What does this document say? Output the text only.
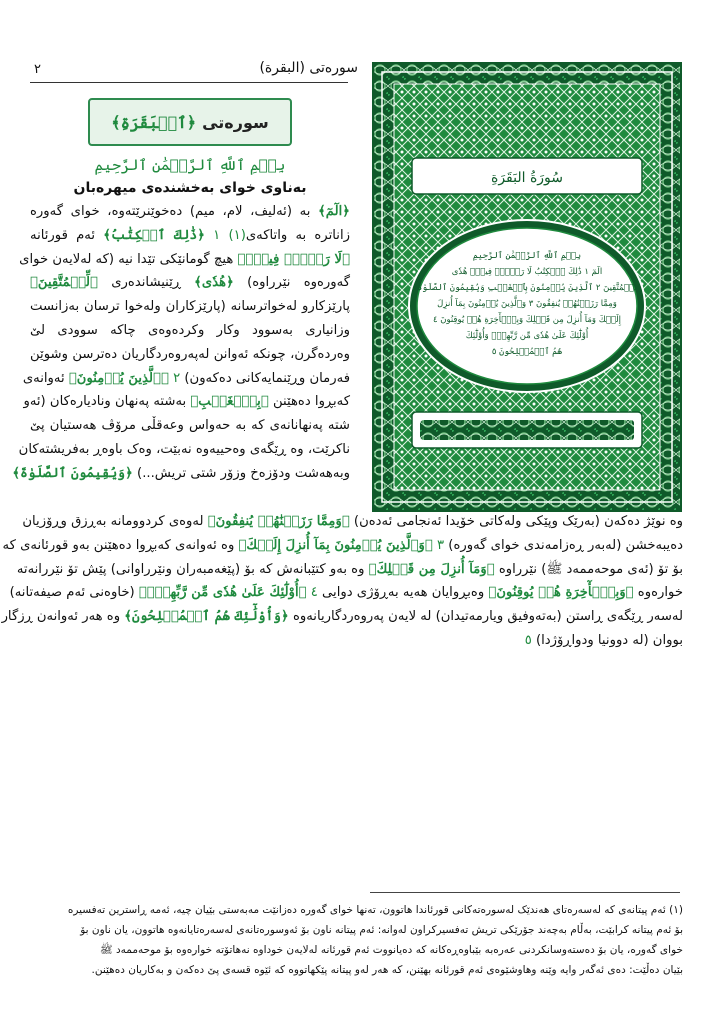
سورەتی (البقرة)
٢
سُورَةُ البَقَرَةِ
بِسۡمِ ٱللَّهِ ٱلرَّحۡمَٰنِ ٱلرَّحِيمِ
الٓمٓ ١ ذَٰلِكَ ٱلۡكِتَٰبُ لَا رَيۡبَۛ فِيهِۛ هُدٗى
لِّلۡمُتَّقِينَ ٢ ٱلَّذِينَ يُؤۡمِنُونَ بِٱلۡغَيۡبِ وَيُقِيمُونَ ٱلصَّلَوٰةَ
وَمِمَّا رَزَقۡنَٰهُمۡ يُنفِقُونَ ٣ وَٱلَّذِينَ يُؤۡمِنُونَ بِمَآ أُنزِلَ
إِلَيۡكَ وَمَآ أُنزِلَ مِن قَبۡلِكَ وَبِٱلۡأٓخِرَةِ هُمۡ يُوقِنُونَ ٤
أُوْلَٰٓئِكَ عَلَىٰ هُدٗى مِّن رَّبِّهِمۡۖ وَأُوْلَٰٓئِكَ
هُمُ ٱلۡمُفۡلِحُونَ ٥
سورەتی
﴿ٱلۡبَقَرَةِ﴾
بِسۡمِ ٱللَّهِ ٱلرَّحۡمَٰنِ ٱلرَّحِيمِ
بەناوی خوای بەخشندەی میهرەبان
﴿الٓمٓ﴾ بە (ئەلیف، لام، میم) دەخوێنرێتەوە، خوای گەورە
زاناترە بە واتاکەی(١) ١ ﴿ذَٰلِكَ ٱلۡكِتَٰبُ﴾ ئەم قورئانە
﴿لَا رَيۡبَۛ فِيهِۛ﴾ هیچ گومانێکی تێدا نیە (کە لەلایەن خوای
گەورەوە نێرراوە) ﴿هُدٗى﴾ ڕێنیشاندەری ﴿لِّلۡمُتَّقِينَ﴾
پارێزکارو لەخواترسانە (پارێزکاران ولەخوا ترسان بەزانست
وزانیاری بەسوود وکار وکردەوەی چاکە سوودی لێ
وەردەگرن، چونکە ئەوانن لەپەروەردگاریان دەترسن وشوێن
فەرمان وڕێنمایەکانی دەکەون) ٢ ﴿ٱلَّذِينَ يُؤۡمِنُونَ﴾ ئەوانەی
کەبڕوا دەهێنن ﴿بِٱلۡغَيۡبِ﴾ بەشتە پەنهان ونادیارەکان (ئەو
شتە پەنهانانەی کە بە حەواس وعەقڵی مرۆڤ هەستیان پێ
ناکرێت، وە ڕێگەی وەحییەوە نەبێت، وەک باوەڕ بەفریشتەکان
وبەهەشت ودۆزەخ وزۆر شتی تریش...) ﴿وَيُقِيمُونَ ٱلصَّلَوٰةَ﴾
وە نوێژ دەکەن (بەرێک وپێکی ولەکاتی خۆیدا ئەنجامی ئەدەن) ﴿وَمِمَّا رَزَقۡنَٰهُمۡ يُنفِقُونَ﴾ لەوەی کردوومانە بەڕزق وڕۆزیان
دەیبەخشن (لەبەر ڕەزامەندی خوای گەورە) ٣ ﴿وَٱلَّذِينَ يُؤۡمِنُونَ بِمَآ أُنزِلَ إِلَيۡكَ﴾ وە ئەوانەی کەبڕوا دەهێنن بەو قورئانەی کە
بۆ تۆ (ئەی موحەممەد ﷺ) نێرراوە ﴿وَمَآ أُنزِلَ مِن قَبۡلِكَ﴾ وە بەو کتێبانەش کە بۆ (پێغەمبەران ونێرراوانی) پێش تۆ نێررانەتە
خوارەوە ﴿وَبِٱلۡأٓخِرَةِ هُمۡ يُوقِنُونَ﴾ وەبڕوایان هەیە بەڕۆژی دوایی ٤ ﴿أُوْلَٰٓئِكَ عَلَىٰ هُدٗى مِّن رَّبِّهِمۡۖ﴾ (خاوەنی ئەم صیفەتانە)
لەسەر ڕێگەی ڕاستن (بەتەوفیق ویارمەتیدان) لە لایەن پەروەردگاریانەوە ﴿وَأُوْلَٰٓئِكَ هُمُ ٱلۡمُفۡلِحُونَ﴾ وە هەر ئەوانەن ڕزگار
بووان (لە دوونیا ودواڕۆژدا) ٥
(١) ئەم پیتانەی کە لەسەرەتای هەندێک لەسورەتەکانی قورئاندا هاتوون، تەنها خوای گەورە دەزانێت مەبەستی بێیان چیە، ئەمە ڕاسترین تەفسیرە
بۆ ئەم پیتانە کرابێت، بەڵام بەچەند جۆرێکی تریش تەفسیرکراون لەوانە: ئەم پیتانە ناون بۆ ئەوسورەتانەی لەسەرەتایانەوە هاتوون، یان ناون بۆ
خوای گەورە، یان بۆ دەستەوسانکردنی عەرەبە بێباوەڕەکانە کە دەیانووت ئەم قورئانە لەلایەن خوداوە نەهاتۆتە خوارەوە بۆ موحەممەد ﷺ
بێیان دەڵێت: دەی ئەگەر وایە وێنە وهاوشێوەی ئەم قورئانە بهێنن، کە هەر لەو پیتانە پێکهاتووە کە ئێوە قسەی پێ دەکەن و بەکاریان دەهێنن.
